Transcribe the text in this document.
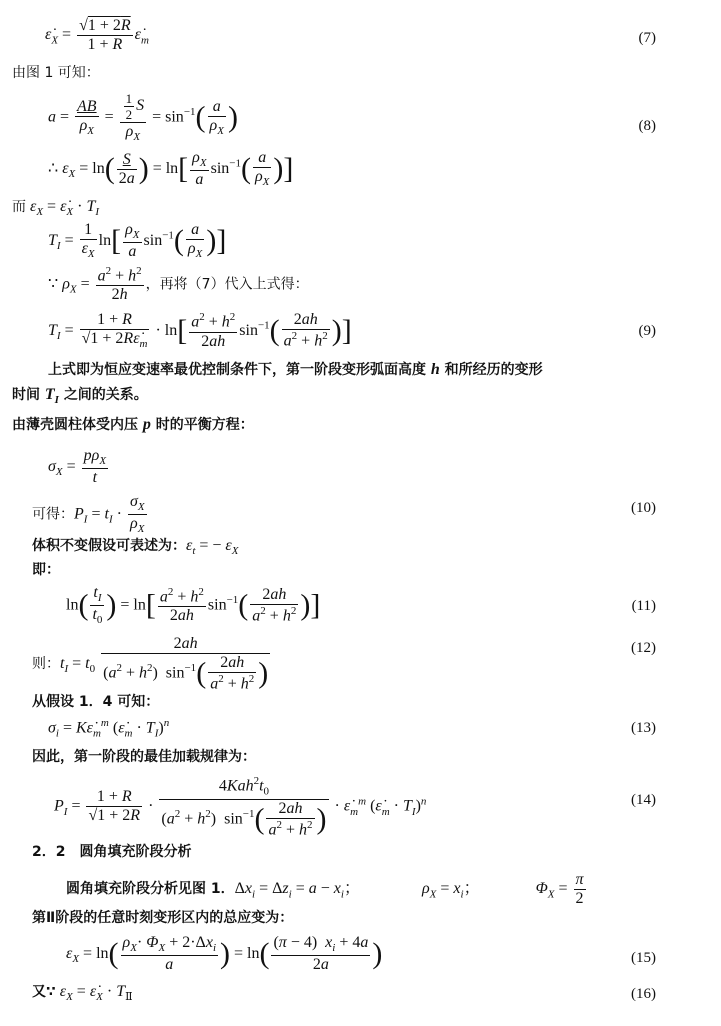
$\varepsiloṅ_X = \frac{√1 + 2R}{1 + R}$ $\varepsiloṅ_m$	(7)
由图 1 可知：
$a = \frac{AB}{\rho_X} = \frac{\frac{1}{2} S}{\rho_X} = \sin^{-1}( \frac{a}{\rho_X}$ )	(8)
∴ $\varepsilon_X = \ln( \frac{S}{2a}$ ) = $\ln[ \frac{\rho_X}{a} \sin^{-1}( \frac{a}{\rho_X}$ )]
而 $\varepsilon_X$ = $\varepsiloṅ_X \cdot T_I$
$T_I = \frac{1}{\varepsilon_X} \ln[ \frac{\rho_X}{a} \sin^{-1}( \frac{a}{\rho_X}$ )]
∵ $\rho_X = \frac{a^2 + h^2}{2h}$ ，再将（7）代入上式得：
$T_I = \frac{1 + R}{√1 + 2R\varepsiloṅ_m} \cdot \ln[ \frac{a^2 + h^2}{2ah} \sin^{-1}( \frac{2ah}{a^2 + h^2}$ )]	(9)
上式即为恒应变速率最优控制条件下，第一阶段变形弧面高度 h 和所经历的变形
时间 $T_I$ 之间的关系。
由薄壳圆柱体受内压 p 时的平衡方程：
$\sigma_X = \frac{p\rho_X}{t}$
可得：$P_I = t_I \cdot \frac{\sigma_X}{\rho_X}$	(10)
体积不变假设可表述为：$\varepsilon_t$ = − $\varepsilon_X$
即：
$\ln( \frac{t_I}{t_0}$ ) = $\ln[ \frac{a^2 + h^2}{2ah} \sin^{-1}( \frac{2ah}{a^2 + h^2}$ )]	(11)
则：$t_I = t_0 \frac{2ah}{(a^2 + h^2) \sin^{-1}( \frac{2ah}{a^2 + h^2} )}$	(12)
从假设 1．4 可知：
$\sigma_i$ = $K\varepsiloṅ_m^m$ $(\varepsiloṅ_m \cdot T_I)^n$	(13)
因此，第一阶段的最佳加载规律为：
$P_I = \frac{1 + R}{√1 + 2R} \cdot \frac{4Kah^2t_0}{(a^2 + h^2) \sin^{-1}( \frac{2ah}{a^2 + h^2} )}$ · $\varepsiloṅ_m^m$ $(\varepsiloṅ_m \cdot T_I)^n$	(14)
2．2　圆角填充阶段分析
圆角填充阶段分析见图 1．$\Delta x_i = \Delta z_i = a - x_i$；	$\rho_X = x_i$；	$\Phi_X = \frac{\pi}{2}$
第Ⅱ阶段的任意时刻变形区内的总应变为：
$\varepsilon_X = \ln( \frac{\rho_X\cdot \Phi_X + 2\cdot\Delta x_i}{a}$ ) = $\ln( \frac{(\pi - 4) x_i + 4a}{2a}$ )	(15)
又∵ $\varepsilon_X$ = $\varepsiloṅ_X \cdot T_Ⅱ$	(16)
